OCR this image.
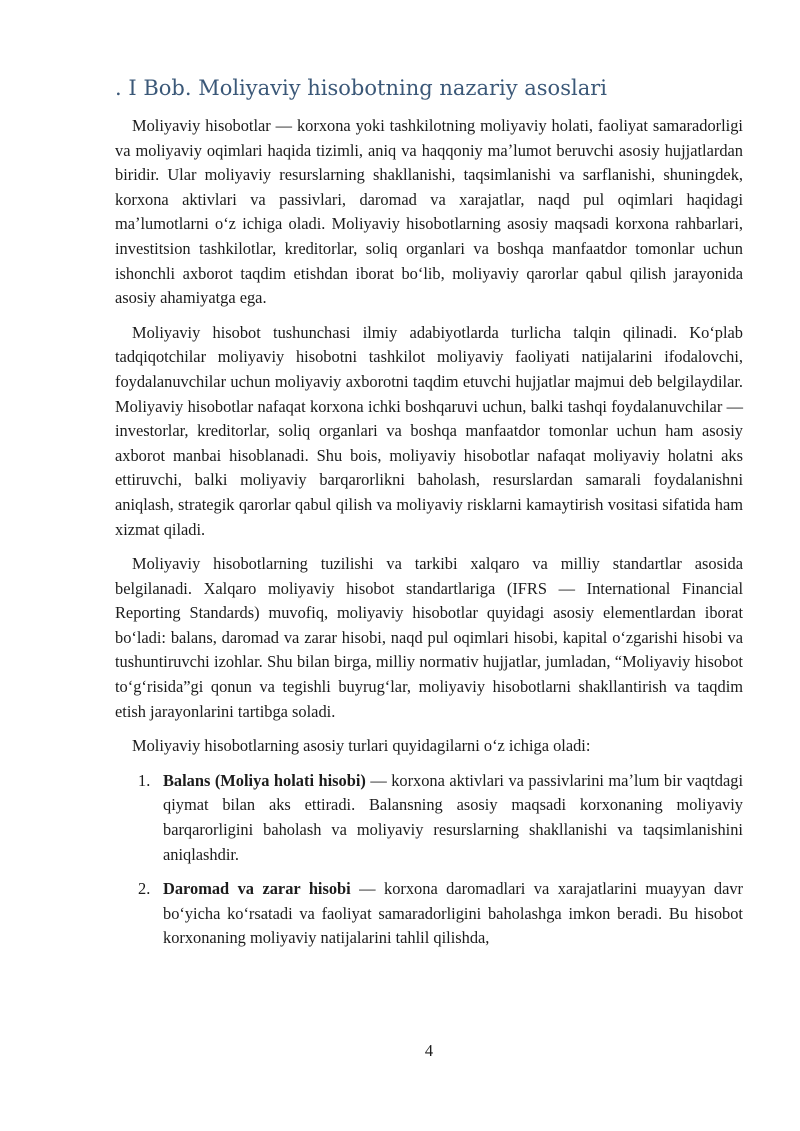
. I Bob. Moliyaviy hisobotning nazariy asoslari

Moliyaviy hisobotlar — korxona yoki tashkilotning moliyaviy holati, faoliyat samaradorligi va moliyaviy oqimlari haqida tizimli, aniq va haqqoniy maʼlumot beruvchi asosiy hujjatlardan biridir. Ular moliyaviy resurslarning shakllanishi, taqsimlanishi va sarflanishi, shuningdek, korxona aktivlari va passivlari, daromad va xarajatlar, naqd pul oqimlari haqidagi maʼlumotlarni oʻz ichiga oladi. Moliyaviy hisobotlarning asosiy maqsadi korxona rahbarlari, investitsion tashkilotlar, kreditorlar, soliq organlari va boshqa manfaatdor tomonlar uchun ishonchli axborot taqdim etishdan iborat boʻlib, moliyaviy qarorlar qabul qilish jarayonida asosiy ahamiyatga ega.

Moliyaviy hisobot tushunchasi ilmiy adabiyotlarda turlicha talqin qilinadi. Koʻplab tadqiqotchilar moliyaviy hisobotni tashkilot moliyaviy faoliyati natijalarini ifodalovchi, foydalanuvchilar uchun moliyaviy axborotni taqdim etuvchi hujjatlar majmui deb belgilaydilar. Moliyaviy hisobotlar nafaqat korxona ichki boshqaruvi uchun, balki tashqi foydalanuvchilar — investorlar, kreditorlar, soliq organlari va boshqa manfaatdor tomonlar uchun ham asosiy axborot manbai hisoblanadi. Shu bois, moliyaviy hisobotlar nafaqat moliyaviy holatni aks ettiruvchi, balki moliyaviy barqarorlikni baholash, resurslardan samarali foydalanishni aniqlash, strategik qarorlar qabul qilish va moliyaviy risklarni kamaytirish vositasi sifatida ham xizmat qiladi.

Moliyaviy hisobotlarning tuzilishi va tarkibi xalqaro va milliy standartlar asosida belgilanadi. Xalqaro moliyaviy hisobot standartlariga (IFRS — International Financial Reporting Standards) muvofiq, moliyaviy hisobotlar quyidagi asosiy elementlardan iborat boʻladi: balans, daromad va zarar hisobi, naqd pul oqimlari hisobi, kapital oʻzgarishi hisobi va tushuntiruvchi izohlar. Shu bilan birga, milliy normativ hujjatlar, jumladan, “Moliyaviy hisobot toʻgʻrisida”gi qonun va tegishli buyrugʻlar, moliyaviy hisobotlarni shakllantirish va taqdim etish jarayonlarini tartibga soladi.

Moliyaviy hisobotlarning asosiy turlari quyidagilarni oʻz ichiga oladi:

1. Balans (Moliya holati hisobi) — korxona aktivlari va passivlarini maʼlum bir vaqtdagi qiymat bilan aks ettiradi. Balansning asosiy maqsadi korxonaning moliyaviy barqarorligini baholash va moliyaviy resurslarning shakllanishi va taqsimlanishini aniqlashdir.
2. Daromad va zarar hisobi — korxona daromadlari va xarajatlarini muayyan davr boʻyicha koʻrsatadi va faoliyat samaradorligini baholashga imkon beradi. Bu hisobot korxonaning moliyaviy natijalarini tahlil qilishda,
4
